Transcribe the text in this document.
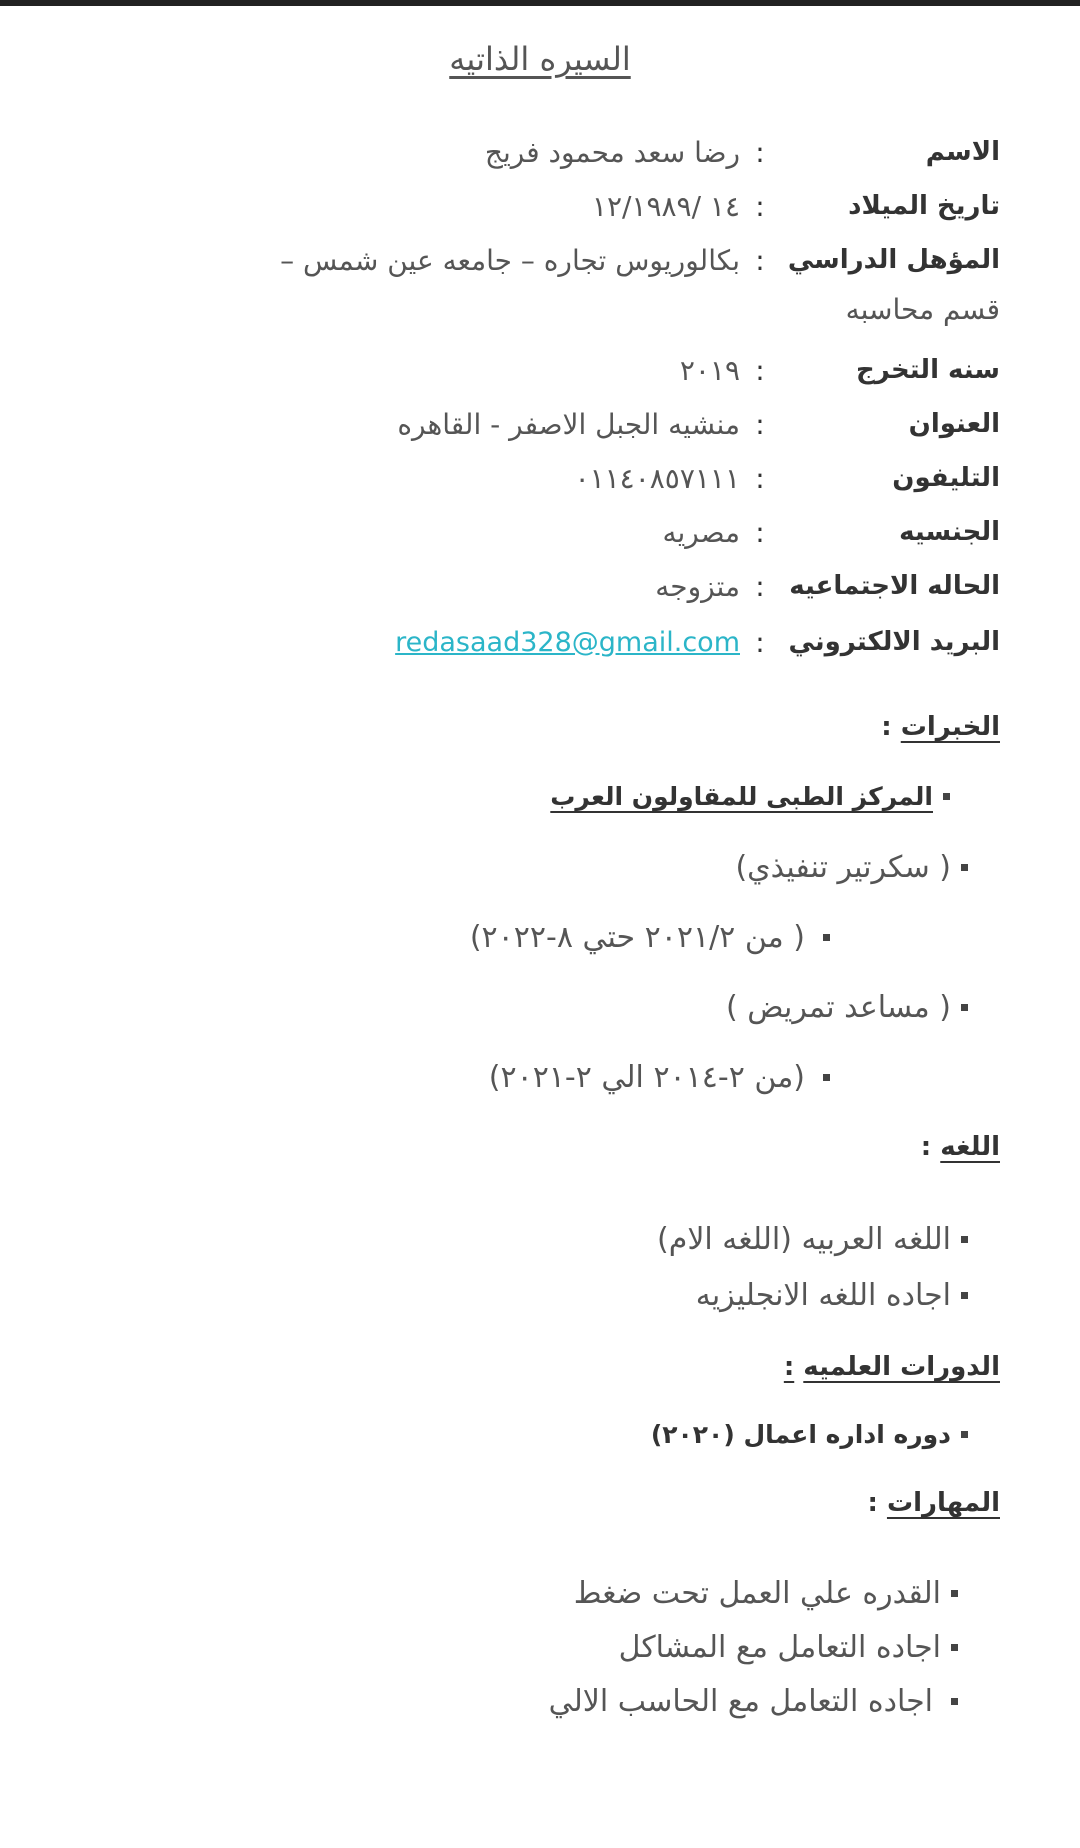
السيره الذاتيه
الاسم
:
رضا سعد محمود فريج
تاريخ الميلاد
:
١٤ /١٢/١٩٨٩
المؤهل الدراسي
:
بكالوريوس تجاره – جامعه عين شمس –
قسم محاسبه
سنه التخرج
:
٢٠١٩
العنوان
:
منشيه الجبل الاصفر - القاهره
التليفون
:
٠١١٤٠٨٥٧١١١
الجنسيه
:
مصريه
الحاله الاجتماعيه
:
متزوجه
البريد الالكتروني
:
redasaad328@gmail.com
الخبرات :
المركز الطبى للمقاولون العرب
( سكرتير تنفيذي)
( من ٢٠٢١/٢ حتي ٨-٢٠٢٢)
( مساعد تمريض )
(من ٢-٢٠١٤ الي ٢-٢٠٢١)
اللغه :
اللغه العربيه (اللغه الام)
اجاده اللغه الانجليزيه
الدورات العلميه :
دوره اداره اعمال (٢٠٢٠)
المهارات :
القدره علي العمل تحت ضغط
اجاده التعامل مع المشاكل
اجاده التعامل مع الحاسب الالي
